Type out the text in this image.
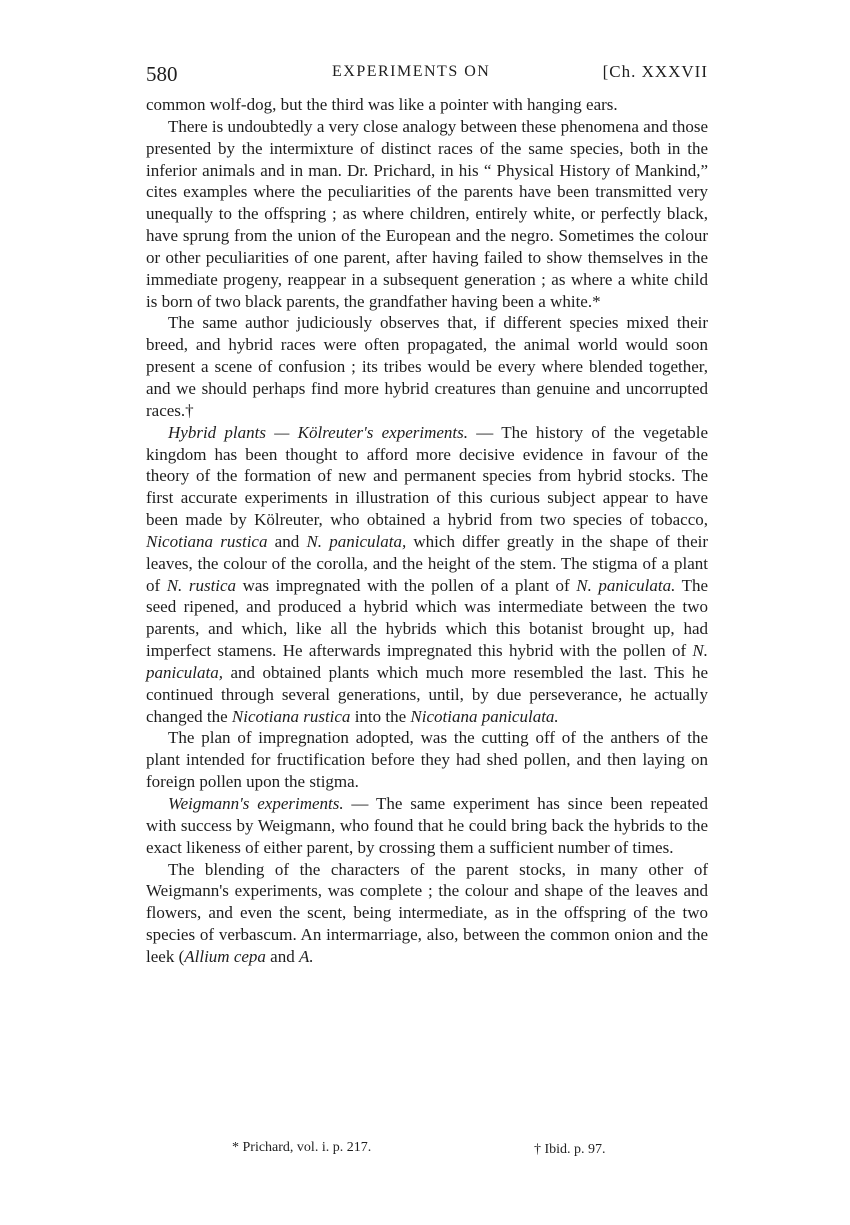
580	EXPERIMENTS ON	[Ch. XXXVII

common wolf-dog, but the third was like a pointer with hanging ears.

There is undoubtedly a very close analogy between these phenomena and those presented by the intermixture of distinct races of the same species, both in the inferior animals and in man. Dr. Prichard, in his “ Physical History of Mankind,” cites examples where the peculiarities of the parents have been transmitted very unequally to the offspring ; as where children, entirely white, or perfectly black, have sprung from the union of the European and the negro. Sometimes the colour or other peculiarities of one parent, after having failed to show themselves in the immediate progeny, reappear in a subsequent generation ; as where a white child is born of two black parents, the grandfather having been a white.*

The same author judiciously observes that, if different species mixed their breed, and hybrid races were often propagated, the animal world would soon present a scene of confusion ; its tribes would be every where blended together, and we should perhaps find more hybrid creatures than genuine and uncorrupted races.†

Hybrid plants — Kölreuter's experiments. — The history of the vegetable kingdom has been thought to afford more decisive evidence in favour of the theory of the formation of new and permanent species from hybrid stocks. The first accurate experiments in illustration of this curious subject appear to have been made by Kölreuter, who obtained a hybrid from two species of tobacco, Nicotiana rustica and N. paniculata, which differ greatly in the shape of their leaves, the colour of the corolla, and the height of the stem. The stigma of a plant of N. rustica was impregnated with the pollen of a plant of N. paniculata. The seed ripened, and produced a hybrid which was intermediate between the two parents, and which, like all the hybrids which this botanist brought up, had imperfect stamens. He afterwards impregnated this hybrid with the pollen of N. paniculata, and obtained plants which much more resembled the last. This he continued through several generations, until, by due perseverance, he actually changed the Nicotiana rustica into the Nicotiana paniculata.

The plan of impregnation adopted, was the cutting off of the anthers of the plant intended for fructification before they had shed pollen, and then laying on foreign pollen upon the stigma.

Weigmann's experiments. — The same experiment has since been repeated with success by Weigmann, who found that he could bring back the hybrids to the exact likeness of either parent, by crossing them a sufficient number of times.

The blending of the characters of the parent stocks, in many other of Weigmann's experiments, was complete ; the colour and shape of the leaves and flowers, and even the scent, being intermediate, as in the offspring of the two species of verbascum. An intermarriage, also, between the common onion and the leek (Allium cepa and A.

* Prichard, vol. i. p. 217.	† Ibid. p. 97.
